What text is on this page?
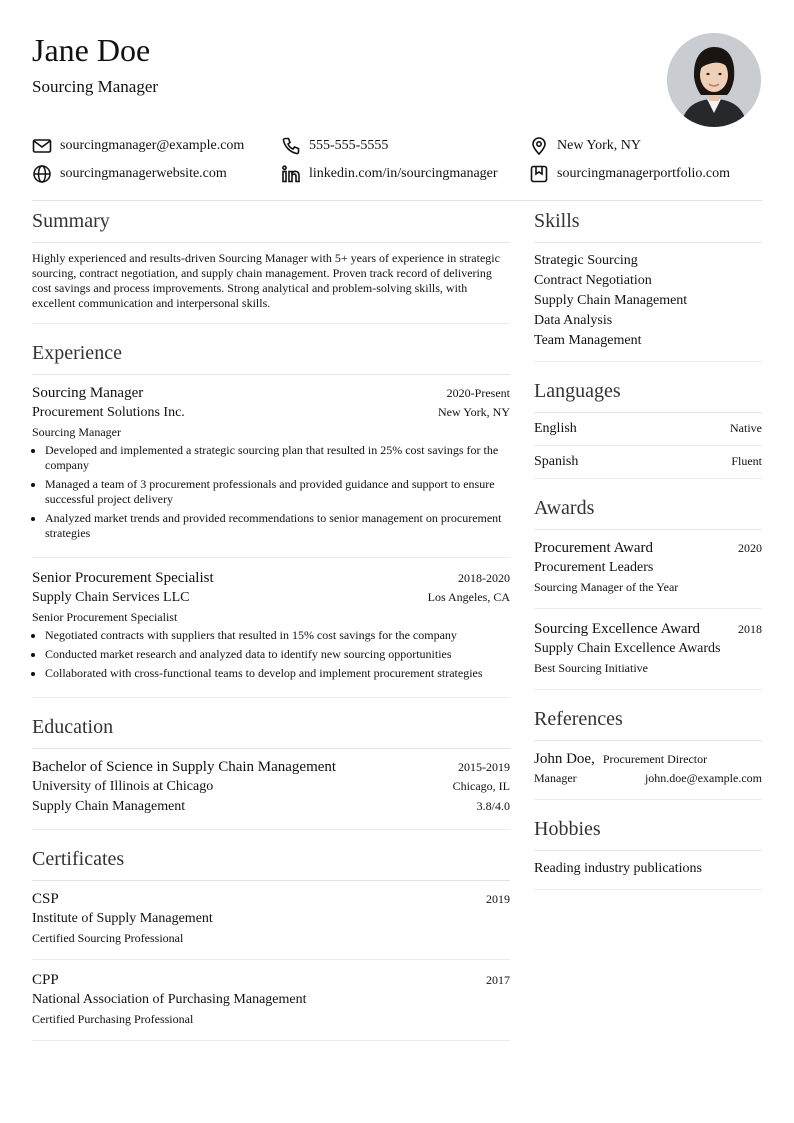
Jane Doe
Sourcing Manager
sourcingmanager@example.com	555-555-5555	New York, NY
sourcingmanagerwebsite.com	linkedin.com/in/sourcingmanager	sourcingmanagerportfolio.com
Summary

Highly experienced and results-driven Sourcing Manager with 5+ years of experience in strategic sourcing, contract negotiation, and supply chain management. Proven track record of delivering cost savings and process improvements. Strong analytical and problem-solving skills, with excellent communication and interpersonal skills.

Experience
Sourcing Manager	2020-Present
Procurement Solutions Inc.	New York, NY
Sourcing Manager
• Developed and implemented a strategic sourcing plan that resulted in 25% cost savings for the company
• Managed a team of 3 procurement professionals and provided guidance and support to ensure successful project delivery
• Analyzed market trends and provided recommendations to senior management on procurement strategies
Senior Procurement Specialist	2018-2020
Supply Chain Services LLC	Los Angeles, CA
Senior Procurement Specialist
• Negotiated contracts with suppliers that resulted in 15% cost savings for the company
• Conducted market research and analyzed data to identify new sourcing opportunities
• Collaborated with cross-functional teams to develop and implement procurement strategies
Education
Bachelor of Science in Supply Chain Management	2015-2019
University of Illinois at Chicago	Chicago, IL
Supply Chain Management	3.8/4.0
Certificates
CSP	2019
Institute of Supply Management
Certified Sourcing Professional
CPP	2017
National Association of Purchasing Management
Certified Purchasing Professional
Skills
Strategic Sourcing
Contract Negotiation
Supply Chain Management
Data Analysis
Team Management
Languages
English	Native
Spanish	Fluent
Awards
Procurement Award	2020
Procurement Leaders
Sourcing Manager of the Year
Sourcing Excellence Award	2018
Supply Chain Excellence Awards
Best Sourcing Initiative
References
John Doe, Procurement Director
Manager	john.doe@example.com
Hobbies
Reading industry publications
